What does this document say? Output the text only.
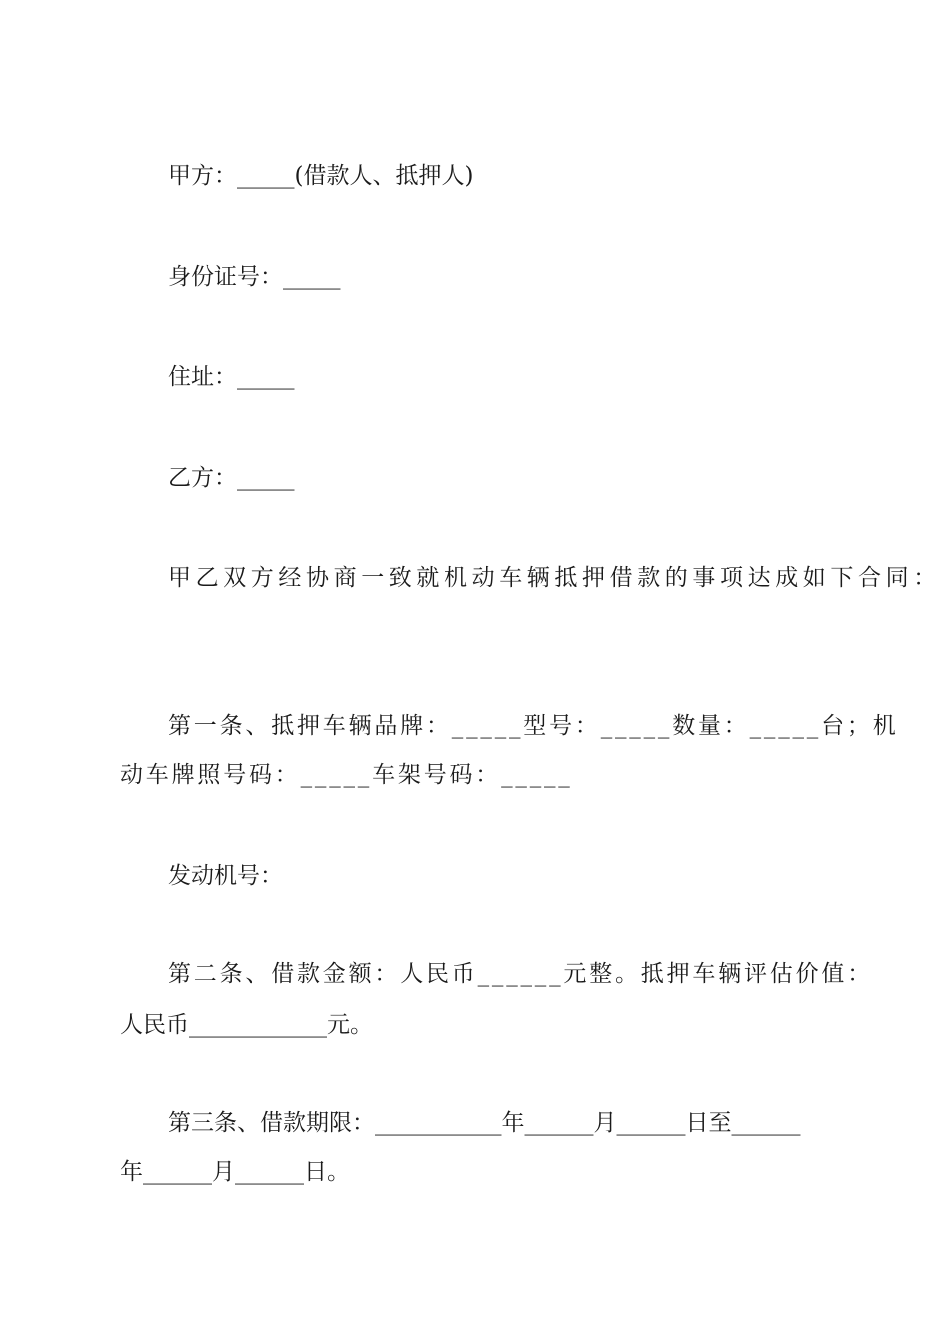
甲方：_____(借款人、抵押人)

身份证号：_____

住址：_____

乙方：_____

甲乙双方经协商一致就机动车辆抵押借款的事项达成如下合同：

第一条、抵押车辆品牌：_____型号：_____数量：_____台；机

动车牌照号码：_____车架号码：_____

发动机号：

第二条、借款金额：人民币______元整。抵押车辆评估价值：

人民币____________元。

第三条、借款期限：___________年______月______日至______

年______月______日。
